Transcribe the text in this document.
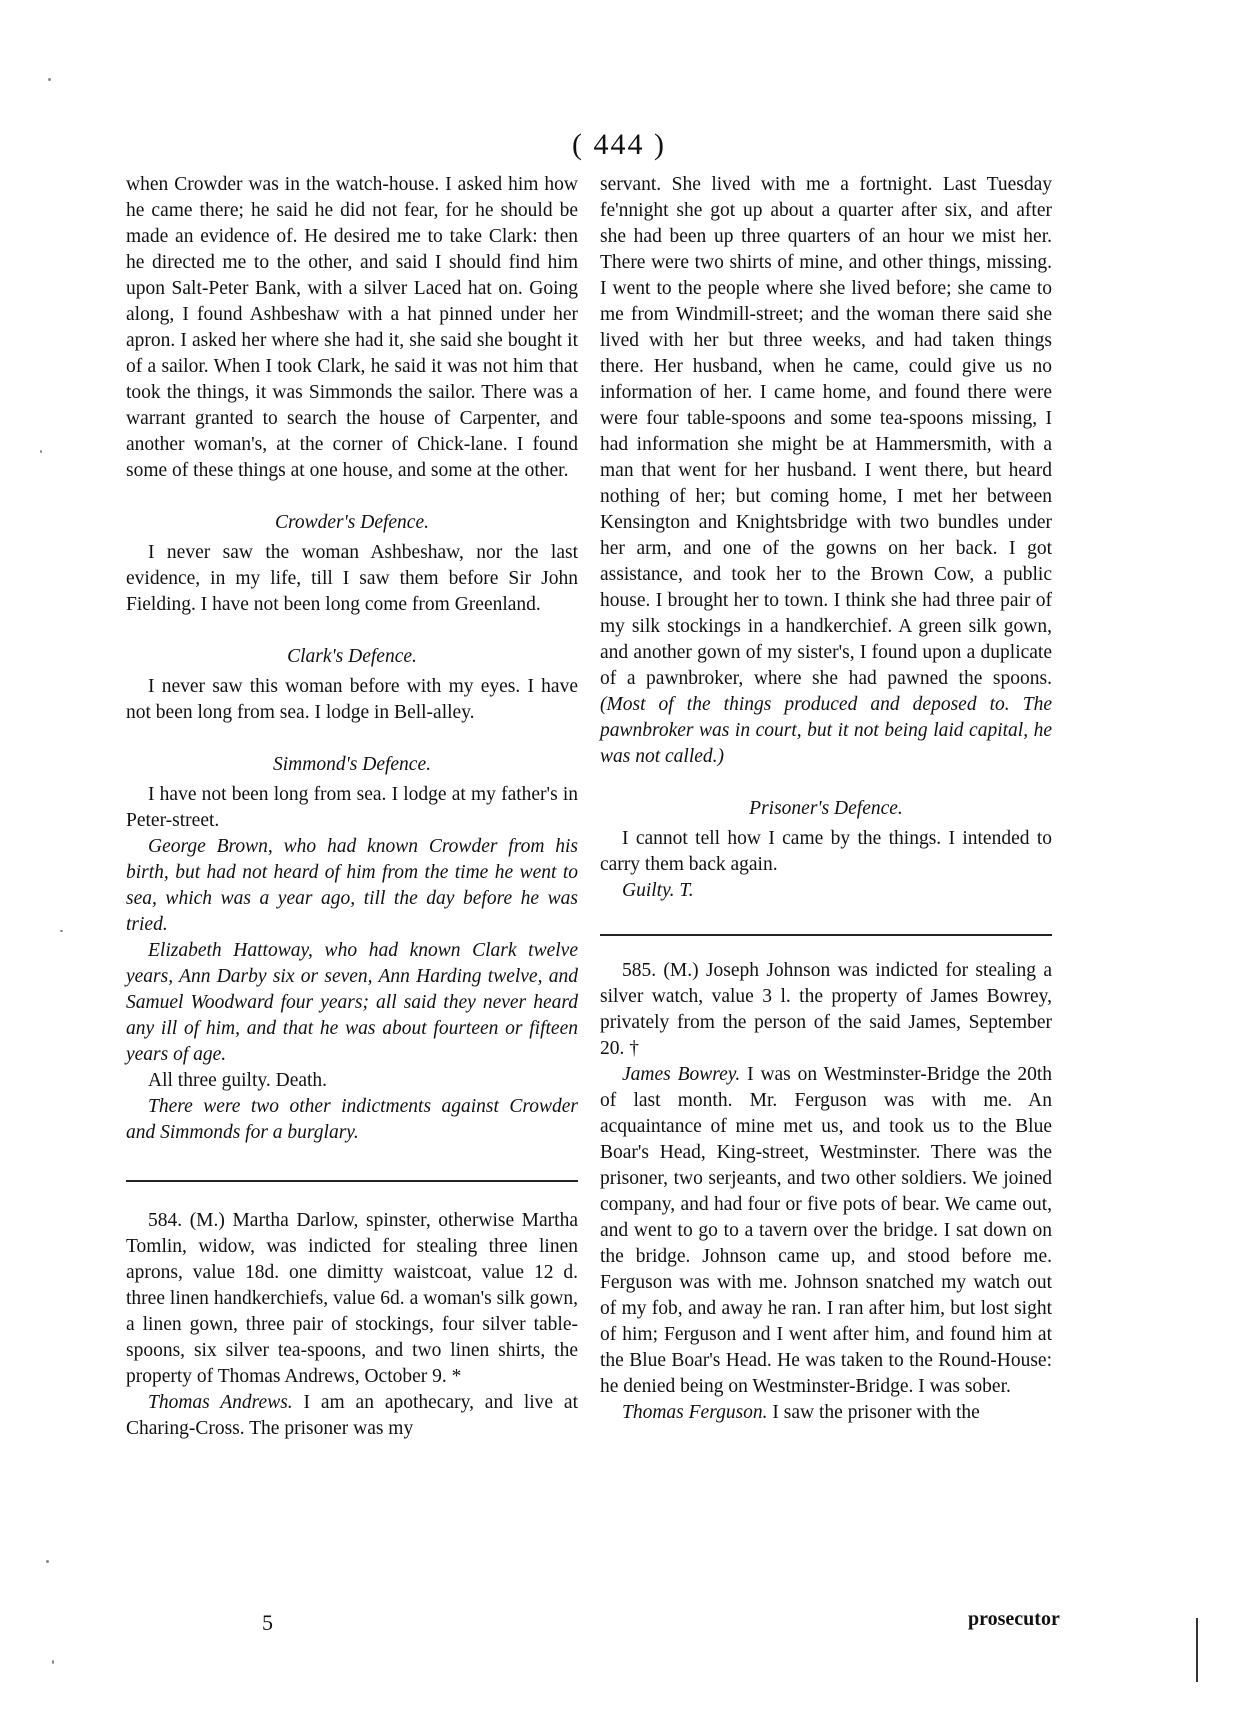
( 444 )

when Crowder was in the watch-house. I asked him how he came there; he said he did not fear, for he should be made an evidence of. He desired me to take Clark: then he directed me to the other, and said I should find him upon Salt-Peter Bank, with a silver Laced hat on. Going along, I found Ashbeshaw with a hat pinned under her apron. I asked her where she had it, she said she bought it of a sailor. When I took Clark, he said it was not him that took the things, it was Simmonds the sailor. There was a warrant granted to search the house of Carpenter, and another woman's, at the corner of Chick-lane. I found some of these things at one house, and some at the other.

Crowder's Defence.

I never saw the woman Ashbeshaw, nor the last evidence, in my life, till I saw them before Sir John Fielding. I have not been long come from Greenland.

Clark's Defence.

I never saw this woman before with my eyes. I have not been long from sea. I lodge in Bell-alley.

Simmond's Defence.

I have not been long from sea. I lodge at my father's in Peter-street.

George Brown, who had known Crowder from his birth, but had not heard of him from the time he went to sea, which was a year ago, till the day before he was tried.

Elizabeth Hattoway, who had known Clark twelve years, Ann Darby six or seven, Ann Harding twelve, and Samuel Woodward four years; all said they never heard any ill of him, and that he was about fourteen or fifteen years of age.

All three guilty. Death.

There were two other indictments against Crowder and Simmonds for a burglary.

584. (M.) Martha Darlow, spinster, otherwise Martha Tomlin, widow, was indicted for stealing three linen aprons, value 18d. one dimitty waistcoat, value 12 d. three linen handkerchiefs, value 6d. a woman's silk gown, a linen gown, three pair of stockings, four silver table-spoons, six silver tea-spoons, and two linen shirts, the property of Thomas Andrews, October 9. *

Thomas Andrews. I am an apothecary, and live at Charing-Cross. The prisoner was my

servant. She lived with me a fortnight. Last Tuesday fe'nnight she got up about a quarter after six, and after she had been up three quarters of an hour we mist her. There were two shirts of mine, and other things, missing. I went to the people where she lived before; she came to me from Windmill-street; and the woman there said she lived with her but three weeks, and had taken things there. Her husband, when he came, could give us no information of her. I came home, and found there were were four table-spoons and some tea-spoons missing, I had information she might be at Hammersmith, with a man that went for her husband. I went there, but heard nothing of her; but coming home, I met her between Kensington and Knightsbridge with two bundles under her arm, and one of the gowns on her back. I got assistance, and took her to the Brown Cow, a public house. I brought her to town. I think she had three pair of my silk stockings in a handkerchief. A green silk gown, and another gown of my sister's, I found upon a duplicate of a pawnbroker, where she had pawned the spoons. (Most of the things produced and deposed to. The pawnbroker was in court, but it not being laid capital, he was not called.)

Prisoner's Defence.

I cannot tell how I came by the things. I intended to carry them back again.

Guilty. T.

585. (M.) Joseph Johnson was indicted for stealing a silver watch, value 3 l. the property of James Bowrey, privately from the person of the said James, September 20. †

James Bowrey. I was on Westminster-Bridge the 20th of last month. Mr. Ferguson was with me. An acquaintance of mine met us, and took us to the Blue Boar's Head, King-street, Westminster. There was the prisoner, two serjeants, and two other soldiers. We joined company, and had four or five pots of bear. We came out, and went to go to a tavern over the bridge. I sat down on the bridge. Johnson came up, and stood before me. Ferguson was with me. Johnson snatched my watch out of my fob, and away he ran. I ran after him, but lost sight of him; Ferguson and I went after him, and found him at the Blue Boar's Head. He was taken to the Round-House: he denied being on Westminster-Bridge. I was sober.

Thomas Ferguson. I saw the prisoner with the

5	prosecutor
